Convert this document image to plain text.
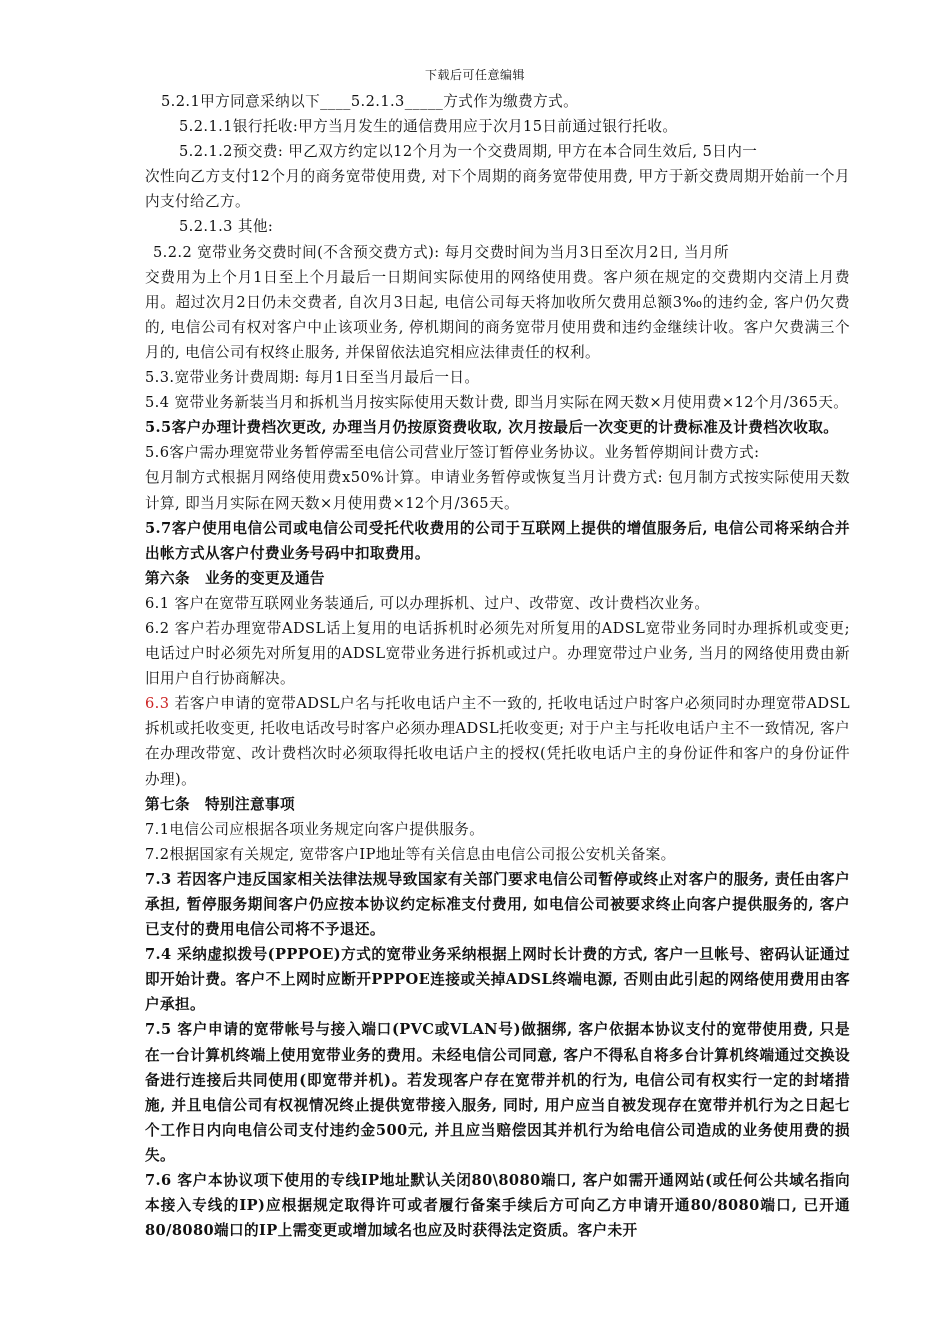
下载后可任意编辑
5.2.1甲方同意采纳以下____5.2.1.3_____方式作为缴费方式。
5.2.1.1银行托收:甲方当月发生的通信费用应于次月15日前通过银行托收。
5.2.1.2预交费: 甲乙双方约定以12个月为一个交费周期, 甲方在本合同生效后, 5日内一
次性向乙方支付12个月的商务宽带使用费, 对下个周期的商务宽带使用费, 甲方于新交费周期开始前一个月内支付给乙方。
5.2.1.3 其他:
5.2.2 宽带业务交费时间(不含预交费方式): 每月交费时间为当月3日至次月2日, 当月所
交费用为上个月1日至上个月最后一日期间实际使用的网络使用费。客户须在规定的交费期内交清上月费用。超过次月2日仍未交费者, 自次月3日起, 电信公司每天将加收所欠费用总额3‰的违约金, 客户仍欠费的, 电信公司有权对客户中止该项业务, 停机期间的商务宽带月使用费和违约金继续计收。客户欠费满三个月的, 电信公司有权终止服务, 并保留依法追究相应法律责任的权利。
5.3.宽带业务计费周期: 每月1日至当月最后一日。
5.4 宽带业务新装当月和拆机当月按实际使用天数计费, 即当月实际在网天数×月使用费×12个月/365天。
5.5客户办理计费档次更改, 办理当月仍按原资费收取, 次月按最后一次变更的计费标准及计费档次收取。
5.6客户需办理宽带业务暂停需至电信公司营业厅签订暂停业务协议。业务暂停期间计费方式:
包月制方式根据月网络使用费x50%计算。申请业务暂停或恢复当月计费方式: 包月制方式按实际使用天数计算, 即当月实际在网天数×月使用费×12个月/365天。
5.7客户使用电信公司或电信公司受托代收费用的公司于互联网上提供的增值服务后, 电信公司将采纳合并出帐方式从客户付费业务号码中扣取费用。
第六条　业务的变更及通告
6.1 客户在宽带互联网业务装通后, 可以办理拆机、过户、改带宽、改计费档次业务。
6.2 客户若办理宽带ADSL话上复用的电话拆机时必须先对所复用的ADSL宽带业务同时办理拆机或变更; 电话过户时必须先对所复用的ADSL宽带业务进行拆机或过户。办理宽带过户业务, 当月的网络使用费由新旧用户自行协商解决。
6.3 若客户申请的宽带ADSL户名与托收电话户主不一致的, 托收电话过户时客户必须同时办理宽带ADSL拆机或托收变更, 托收电话改号时客户必须办理ADSL托收变更; 对于户主与托收电话户主不一致情况, 客户在办理改带宽、改计费档次时必须取得托收电话户主的授权(凭托收电话户主的身份证件和客户的身份证件办理)。
第七条　特别注意事项
7.1电信公司应根据各项业务规定向客户提供服务。
7.2根据国家有关规定, 宽带客户IP地址等有关信息由电信公司报公安机关备案。
7.3 若因客户违反国家相关法律法规导致国家有关部门要求电信公司暂停或终止对客户的服务, 责任由客户承担, 暂停服务期间客户仍应按本协议约定标准支付费用, 如电信公司被要求终止向客户提供服务的, 客户已支付的费用电信公司将不予退还。
7.4 采纳虚拟拨号(PPPOE)方式的宽带业务采纳根据上网时长计费的方式, 客户一旦帐号、密码认证通过即开始计费。客户不上网时应断开PPPOE连接或关掉ADSL终端电源, 否则由此引起的网络使用费用由客户承担。
7.5 客户申请的宽带帐号与接入端口(PVC或VLAN号)做捆绑, 客户依据本协议支付的宽带使用费, 只是在一台计算机终端上使用宽带业务的费用。未经电信公司同意, 客户不得私自将多台计算机终端通过交换设备进行连接后共同使用(即宽带并机)。若发现客户存在宽带并机的行为, 电信公司有权实行一定的封堵措施, 并且电信公司有权视情况终止提供宽带接入服务, 同时, 用户应当自被发现存在宽带并机行为之日起七个工作日内向电信公司支付违约金500元, 并且应当赔偿因其并机行为给电信公司造成的业务使用费的损失。
7.6 客户本协议项下使用的专线IP地址默认关闭80\8080端口, 客户如需开通网站(或任何公共域名指向本接入专线的IP)应根据规定取得许可或者履行备案手续后方可向乙方申请开通80/8080端口, 已开通80/8080端口的IP上需变更或增加域名也应及时获得法定资质。客户未开
